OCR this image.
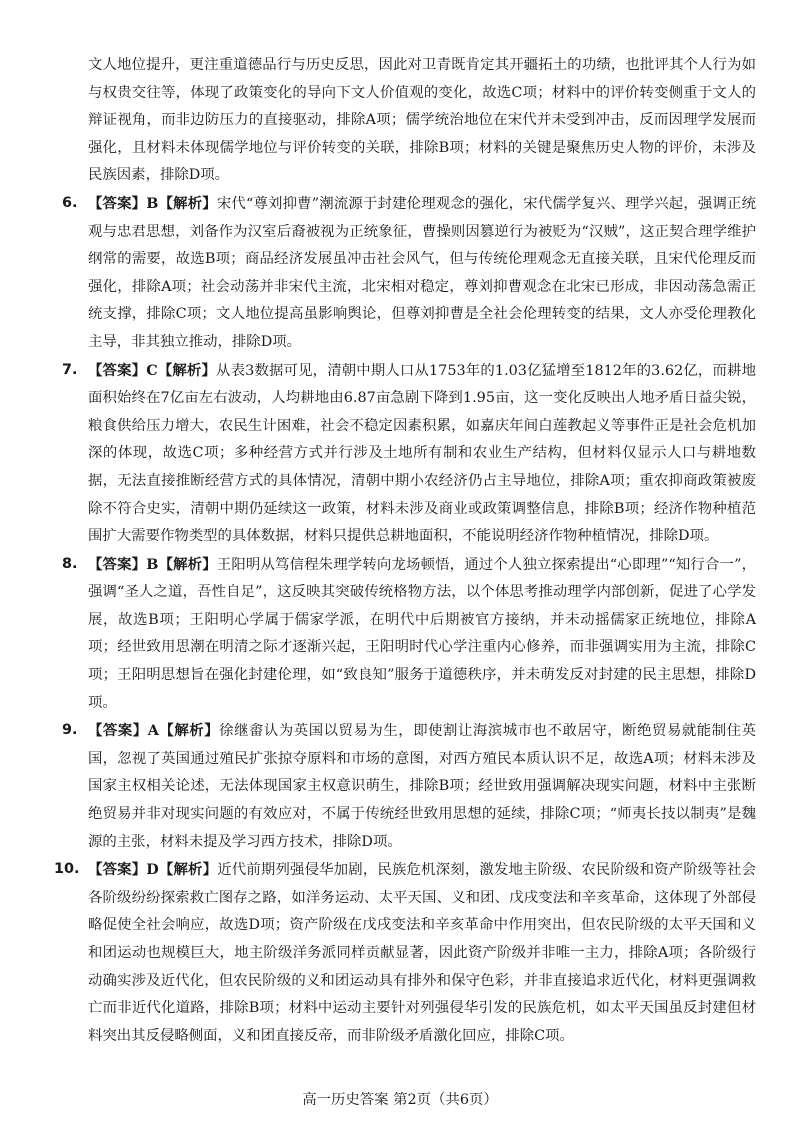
文人地位提升，更注重道德品行与历史反思，因此对卫青既肯定其开疆拓土的功绩，也批评其个人行为如与权贵交往等，体现了政策变化的导向下文人价值观的变化，故选C项；材料中的评价转变侧重于文人的辩证视角，而非边防压力的直接驱动，排除A项；儒学统治地位在宋代并未受到冲击，反而因理学发展而强化，且材料未体现儒学地位与评价转变的关联，排除B项；材料的关键是聚焦历史人物的评价，未涉及民族因素，排除D项。

6. 【答案】B【解析】宋代“尊刘抑曹”潮流源于封建伦理观念的强化，宋代儒学复兴、理学兴起，强调正统观与忠君思想，刘备作为汉室后裔被视为正统象征，曹操则因篡逆行为被贬为“汉贼”，这正契合理学维护纲常的需要，故选B项；商品经济发展虽冲击社会风气，但与传统伦理观念无直接关联，且宋代伦理反而强化，排除A项；社会动荡并非宋代主流，北宋相对稳定，尊刘抑曹观念在北宋已形成，非因动荡急需正统支撑，排除C项；文人地位提高虽影响舆论，但尊刘抑曹是全社会伦理转变的结果，文人亦受伦理教化主导，非其独立推动，排除D项。
7. 【答案】C【解析】从表3数据可见，清朝中期人口从1753年的1.03亿猛增至1812年的3.62亿，而耕地面积始终在7亿亩左右波动，人均耕地由6.87亩急剧下降到1.95亩，这一变化反映出人地矛盾日益尖锐，粮食供给压力增大，农民生计困难，社会不稳定因素积累，如嘉庆年间白莲教起义等事件正是社会危机加深的体现，故选C项；多种经营方式并行涉及土地所有制和农业生产结构，但材料仅显示人口与耕地数据，无法直接推断经营方式的具体情况，清朝中期小农经济仍占主导地位，排除A项；重农抑商政策被废除不符合史实，清朝中期仍延续这一政策，材料未涉及商业或政策调整信息，排除B项；经济作物种植范围扩大需要作物类型的具体数据，材料只提供总耕地面积，不能说明经济作物种植情况，排除D项。
8. 【答案】B【解析】王阳明从笃信程朱理学转向龙场顿悟，通过个人独立探索提出“心即理”“知行合一”，强调“圣人之道，吾性自足”，这反映其突破传统格物方法，以个体思考推动理学内部创新，促进了心学发展，故选B项；王阳明心学属于儒家学派，在明代中后期被官方接纳，并未动摇儒家正统地位，排除A项；经世致用思潮在明清之际才逐渐兴起，王阳明时代心学注重内心修养，而非强调实用为主流，排除C项；王阳明思想旨在强化封建伦理，如“致良知”服务于道德秩序，并未萌发反对封建的民主思想，排除D项。
9. 【答案】A【解析】徐继畬认为英国以贸易为生，即使割让海滨城市也不敢居守，断绝贸易就能制住英国，忽视了英国通过殖民扩张掠夺原料和市场的意图，对西方殖民本质认识不足，故选A项；材料未涉及国家主权相关论述，无法体现国家主权意识萌生，排除B项；经世致用强调解决现实问题，材料中主张断绝贸易并非对现实问题的有效应对，不属于传统经世致用思想的延续，排除C项；“师夷长技以制夷”是魏源的主张，材料未提及学习西方技术，排除D项。
10. 【答案】D【解析】近代前期列强侵华加剧，民族危机深刻，激发地主阶级、农民阶级和资产阶级等社会各阶级纷纷探索救亡图存之路，如洋务运动、太平天国、义和团、戊戌变法和辛亥革命，这体现了外部侵略促使全社会响应，故选D项；资产阶级在戊戌变法和辛亥革命中作用突出，但农民阶级的太平天国和义和团运动也规模巨大，地主阶级洋务派同样贡献显著，因此资产阶级并非唯一主力，排除A项；各阶级行动确实涉及近代化，但农民阶级的义和团运动具有排外和保守色彩，并非直接追求近代化，材料更强调救亡而非近代化道路，排除B项；材料中运动主要针对列强侵华引发的民族危机，如太平天国虽反封建但材料突出其反侵略侧面，义和团直接反帝，而非阶级矛盾激化回应，排除C项。
高一历史答案 第2页（共6页）
